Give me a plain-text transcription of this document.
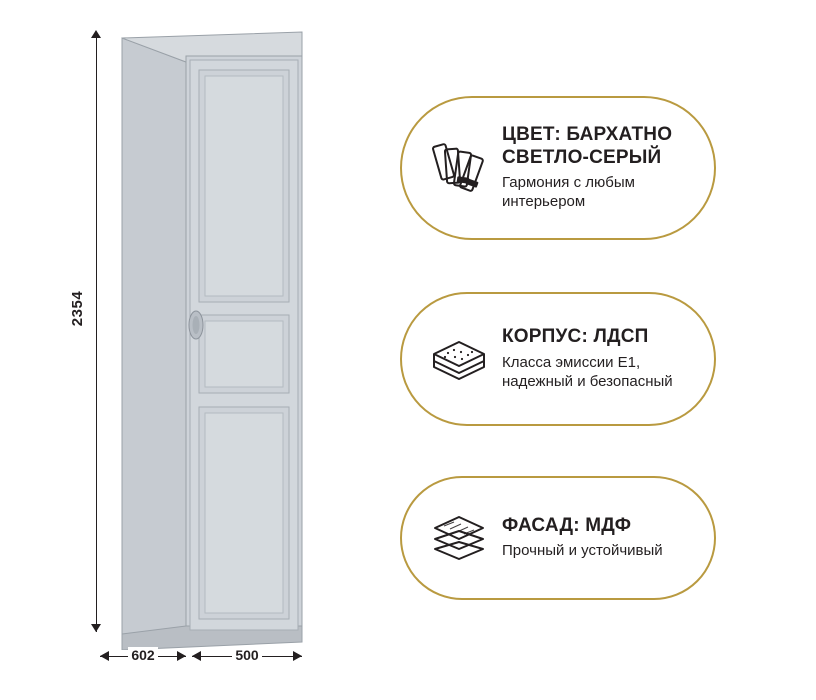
2354
602	500
ЦВЕТ: БАРХАТНО СВЕТЛО-СЕРЫЙ
Гармония с любым интерьером
КОРПУС: ЛДСП
Класса эмиссии Е1, надежный и безопасный
ФАСАД: МДФ
Прочный и устойчивый
